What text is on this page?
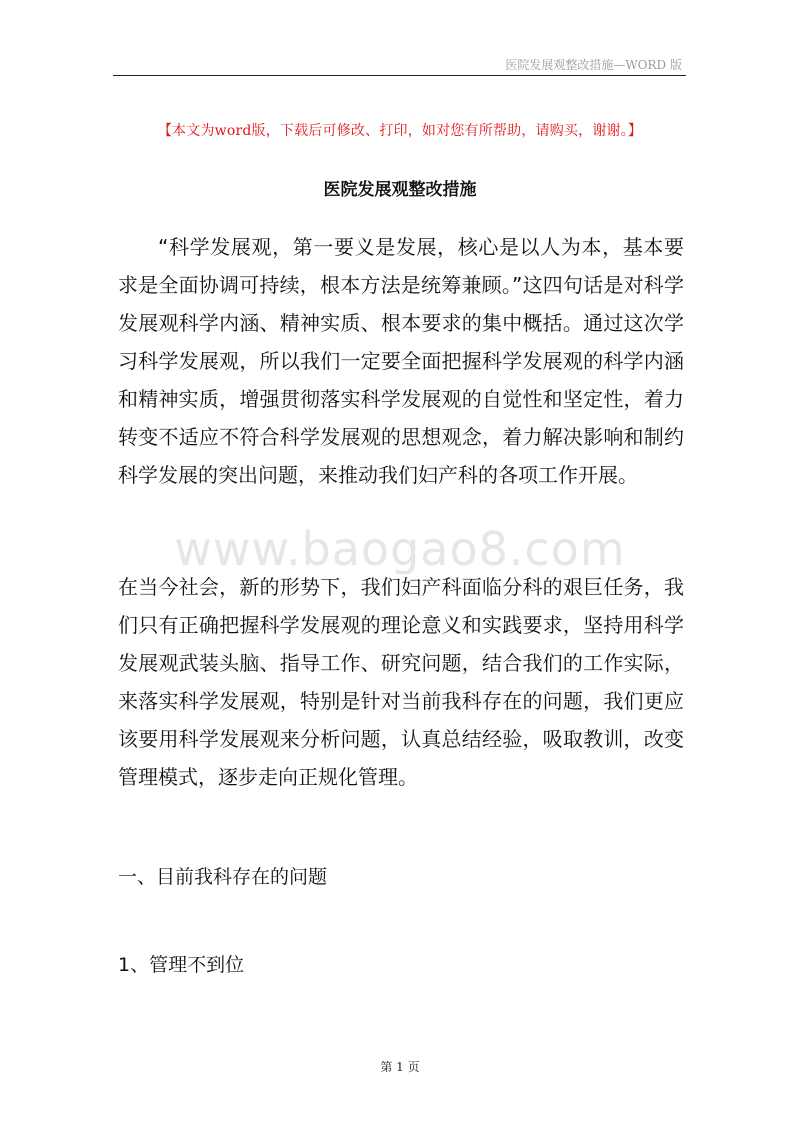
医院发展观整改措施—WORD 版
【本文为word版，下载后可修改、打印，如对您有所帮助，请购买，谢谢。】
医院发展观整改措施
“科学发展观，第一要义是发展，核心是以人为本，基本要求是全面协调可持续，根本方法是统筹兼顾。”这四句话是对科学发展观科学内涵、精神实质、根本要求的集中概括。通过这次学习科学发展观，所以我们一定要全面把握科学发展观的科学内涵和精神实质，增强贯彻落实科学发展观的自觉性和坚定性，着力转变不适应不符合科学发展观的思想观念，着力解决影响和制约科学发展的突出问题，来推动我们妇产科的各项工作开展。
www.baogao8.com
在当今社会，新的形势下，我们妇产科面临分科的艰巨任务，我们只有正确把握科学发展观的理论意义和实践要求，坚持用科学发展观武装头脑、指导工作、研究问题，结合我们的工作实际，来落实科学发展观，特别是针对当前我科存在的问题，我们更应该要用科学发展观来分析问题，认真总结经验，吸取教训，改变管理模式，逐步走向正规化管理。
一、目前我科存在的问题
1、管理不到位
第 1 页
